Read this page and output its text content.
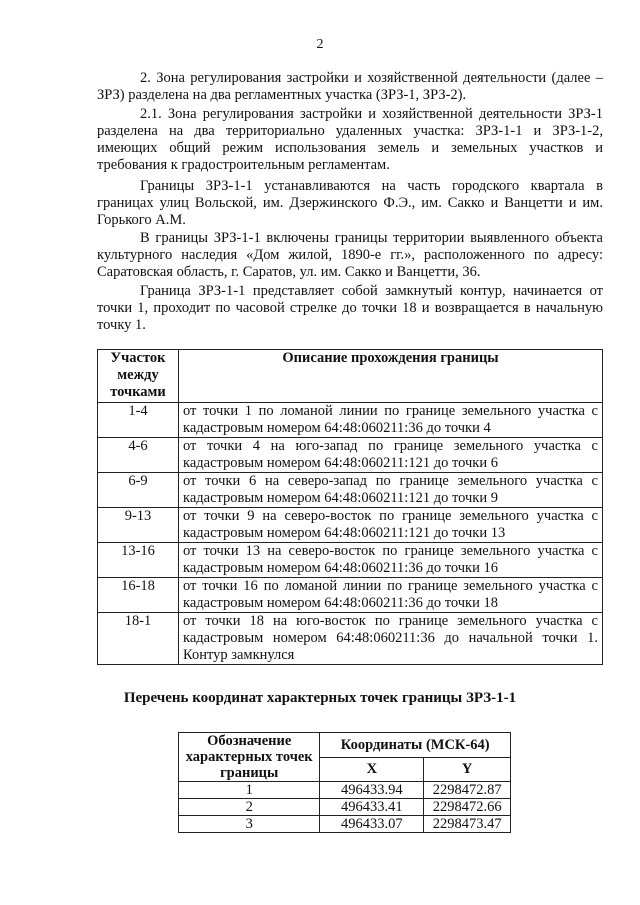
2

2. Зона регулирования застройки и хозяйственной деятельности (далее – ЗРЗ) разделена на два регламентных участка (ЗРЗ-1, ЗРЗ-2).

2.1. Зона регулирования застройки и хозяйственной деятельности ЗРЗ-1 разделена на два территориально удаленных участка: ЗРЗ-1-1 и ЗРЗ-1-2, имеющих общий режим использования земель и земельных участков и требования к градостроительным регламентам.

Границы ЗРЗ-1-1 устанавливаются на часть городского квартала в границах улиц Вольской, им. Дзержинского Ф.Э., им. Сакко и Ванцетти и им. Горького А.М.

В границы ЗРЗ-1-1 включены границы территории выявленного объекта культурного наследия «Дом жилой, 1890-е гг.», расположенного по адресу: Саратовская область, г. Саратов, ул. им. Сакко и Ванцетти, 36.

Граница ЗРЗ-1-1 представляет собой замкнутый контур, начинается от точки 1, проходит по часовой стрелке до точки 18 и возвращается в начальную точку 1.

Участок между точками	Описание прохождения границы
1-4	от точки 1 по ломаной линии по границе земельного участка с кадастровым номером 64:48:060211:36 до точки 4
4-6	от точки 4 на юго-запад по границе земельного участка с кадастровым номером 64:48:060211:121 до точки 6
6-9	от точки 6 на северо-запад по границе земельного участка с кадастровым номером 64:48:060211:121 до точки 9
9-13	от точки 9 на северо-восток по границе земельного участка с кадастровым номером 64:48:060211:121 до точки 13
13-16	от точки 13 на северо-восток по границе земельного участка с кадастровым номером 64:48:060211:36 до точки 16
16-18	от точки 16 по ломаной линии по границе земельного участка с кадастровым номером 64:48:060211:36 до точки 18
18-1	от точки 18 на юго-восток по границе земельного участка с кадастровым номером 64:48:060211:36 до начальной точки 1. Контур замкнулся
Перечень координат характерных точек границы ЗРЗ-1-1
Обозначение характерных точек границы	Координаты (МСК-64)	
	X	Y
1	496433.94	2298472.87
2	496433.41	2298472.66
3	496433.07	2298473.47
